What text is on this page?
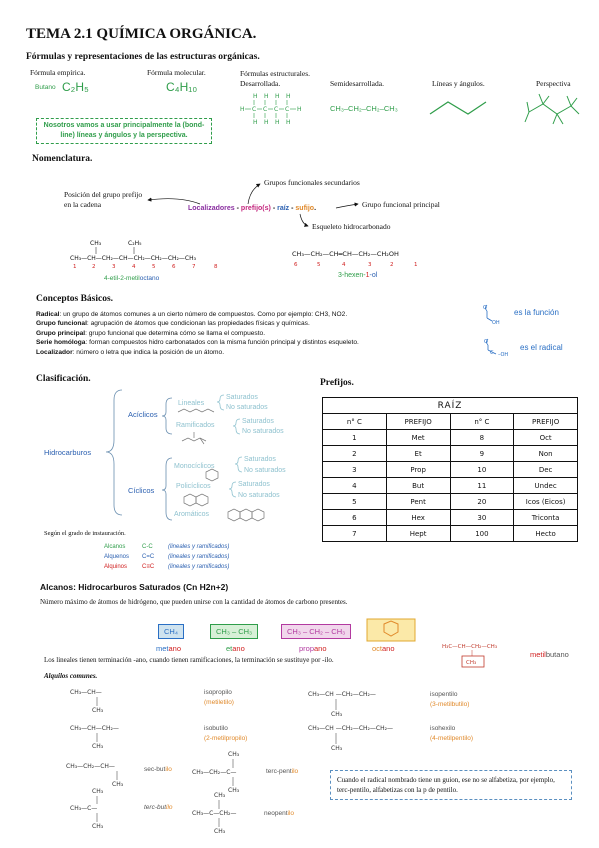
TEMA 2.1 QUÍMICA ORGÁNICA.
Fórmulas y representaciones de las estructuras orgánicas.
Fórmula empírica.
Butano C₂H₅
Fórmula molecular.
C₄H₁₀
Fórmulas estructurales.
Desarrollada.
H H H H
H C C C C H
H H H H
Semidesarrollada.
CH₃–CH₂–CH₂–CH₃
Líneas y ángulos.	Perspectiva
Nosotros vamos a usar principalmente la (bond-line) líneas y ángulos y la perspectiva.
Nomenclatura.
Posición del grupo prefijo en la cadena
Grupos funcionales secundarios
Grupo funcional principal
Esqueleto hidrocarbonado
Localizadores - prefijo(s) - raíz - sufijo.
CH₃	C₂H₅
CH₃—CH—CH₂—CH—CH₂—CH₂—CH₂—CH₃
1	2	3	4	5	6	7	8
4-etil-2-metiloctano
CH₃—CH₂—CH═CH—CH₂—CH₂OH
6	5	4	3	2	1
3-hexen-1-ol
Conceptos Básicos.
Radical: un grupo de átomos comunes a un cierto número de compuestos. Como por ejemplo: CH3, NO2.
Grupo funcional: agrupación de átomos que condicionan las propiedades físicas y químicas.
Grupo principal: grupo funcional que determina cómo se llama el compuesto.
Serie homóloga: forman compuestos hidro carbonatados con la misma función principal y distintos esqueleto.
Localizador: número o letra que indica la posición de un átomo.
O
OH
es la función
O
C –OH
es el radical
Clasificación.
Hidrocarburos
Acíclicos
Cíclicos
Lineales
Ramificados
Saturados
No saturados
Saturados
No saturados
Monocíclicos
Policíclicos
Aromáticos
Saturados
No saturados
Saturados
No saturados
Según el grado de instauración.
Alcanos	C-C	(lineales y ramificados)
Alquenos C=C (lineales y ramificados)
Alquinos C≡C (lineales y ramificados)
Prefijos.
RAÍZ			
n° C	PREFIJO	n° C	PREFIJO
1	Met	8	Oct
2	Et	9	Non
3	Prop	10	Dec
4	But	11	Undec
5	Pent	20	Icos (Eicos)
6	Hex	30	Triconta
7	Hept	100	Hecto
Alcanos: Hidrocarburos Saturados (Cn H2n+2)
Número máximo de átomos de hidrógeno, que pueden unirse con la cantidad de átomos de carbono presentes.
CH₄	CH₃ – CH₃	CH₃ – CH₂ – CH₃
metano	etano	propano	octano	H₃C—CH—CH₂—CH₃
CH₃
metilbutano
Los lineales tienen terminación -ano, cuando tienen ramificaciones, la terminación se sustituye por -ilo.
Alquilos comunes.
CH₃—CH—
CH₃
CH₃—CH—CH₂—
CH₃
CH₃—CH —CH₂—CH₂—
CH₃
CH₃—CH —CH₂—CH₂—CH₂—
CH₃
CH₃—CH₂—CH—
CH₃
CH₃
CH₃—CH₂—C—
CH₃
CH₃
CH₃—C—
CH₃
CH₃
CH₃—C—CH₂—
CH₃
isopropilo
(metiletilo)
isobutilo
(2-metilpropilo)
isopentilo
(3-metilbutilo)
isohexilo
(4-metilpentilo)
sec-butilo	terc-pentilo
terc-butilo
neopentilo
Cuando el radical nombrado tiene un guion, ese no se alfabetiza, por ejemplo, terc-pentilo, alfabetizas con la p de pentilo.
